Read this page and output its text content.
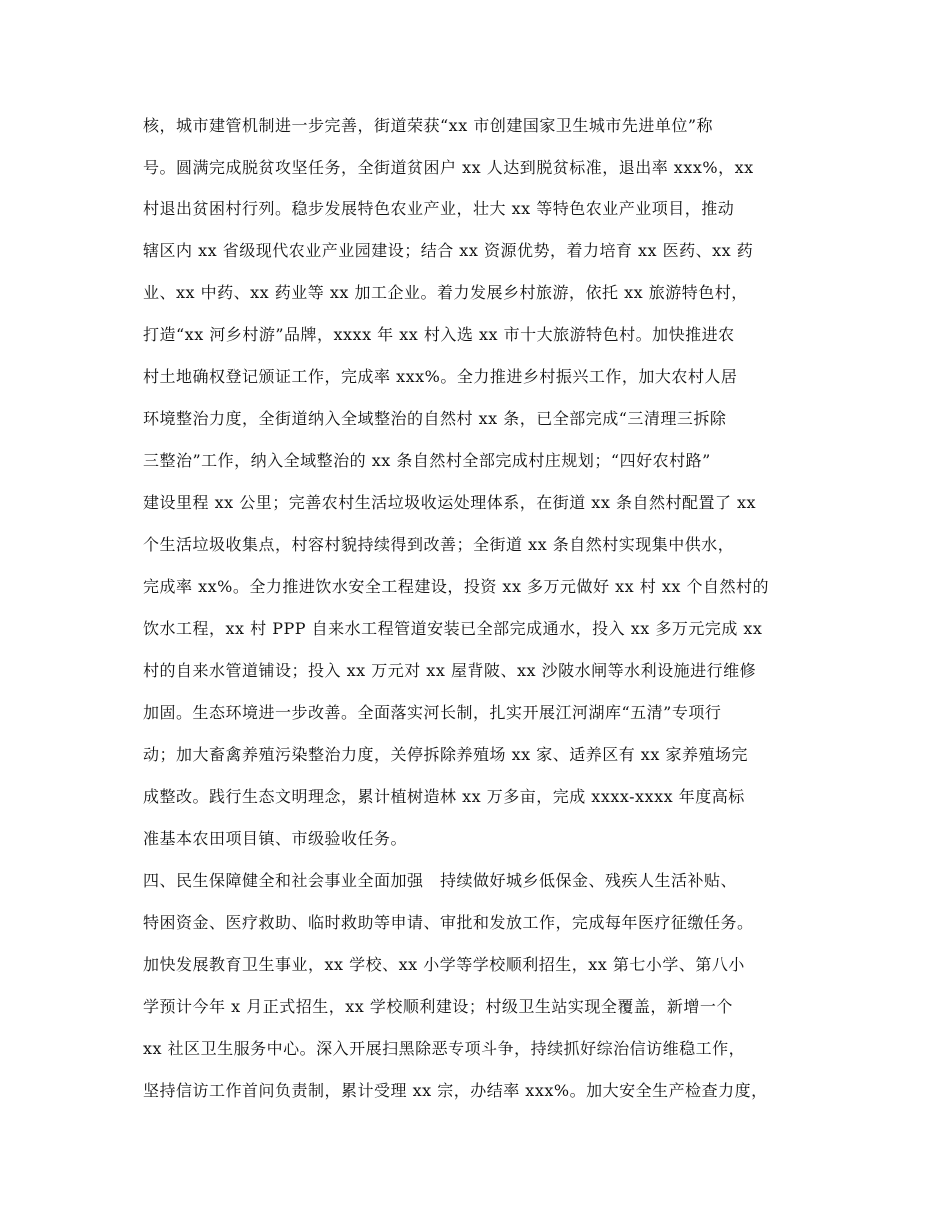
核，城市建管机制进一步完善，街道荣获“xx 市创建国家卫生城市先进单位”称
号。圆满完成脱贫攻坚任务，全街道贫困户 xx 人达到脱贫标准，退出率 xxx%，xx
村退出贫困村行列。稳步发展特色农业产业，壮大 xx 等特色农业产业项目，推动
辖区内 xx 省级现代农业产业园建设；结合 xx 资源优势，着力培育 xx 医药、xx 药
业、xx 中药、xx 药业等 xx 加工企业。着力发展乡村旅游，依托 xx 旅游特色村，
打造“xx 河乡村游”品牌，xxxx 年 xx 村入选 xx 市十大旅游特色村。加快推进农
村土地确权登记颁证工作，完成率 xxx%。全力推进乡村振兴工作，加大农村人居
环境整治力度，全街道纳入全域整治的自然村 xx 条，已全部完成“三清理三拆除
三整治”工作，纳入全域整治的 xx 条自然村全部完成村庄规划；“四好农村路”
建设里程 xx 公里；完善农村生活垃圾收运处理体系，在街道 xx 条自然村配置了 xx
个生活垃圾收集点，村容村貌持续得到改善；全街道 xx 条自然村实现集中供水，
完成率 xx%。全力推进饮水安全工程建设，投资 xx 多万元做好 xx 村 xx 个自然村的
饮水工程，xx 村 PPP 自来水工程管道安装已全部完成通水，投入 xx 多万元完成 xx
村的自来水管道铺设；投入 xx 万元对 xx 屋背陂、xx 沙陂水闸等水利设施进行维修
加固。生态环境进一步改善。全面落实河长制，扎实开展江河湖库“五清”专项行
动；加大畜禽养殖污染整治力度，关停拆除养殖场 xx 家、适养区有 xx 家养殖场完
成整改。践行生态文明理念，累计植树造林 xx 万多亩，完成 xxxx-xxxx 年度高标
准基本农田项目镇、市级验收任务。
四、民生保障健全和社会事业全面加强　持续做好城乡低保金、残疾人生活补贴、
特困资金、医疗救助、临时救助等申请、审批和发放工作，完成每年医疗征缴任务。
加快发展教育卫生事业，xx 学校、xx 小学等学校顺利招生，xx 第七小学、第八小
学预计今年 x 月正式招生，xx 学校顺利建设；村级卫生站实现全覆盖，新增一个
xx 社区卫生服务中心。深入开展扫黑除恶专项斗争，持续抓好综治信访维稳工作，
坚持信访工作首问负责制，累计受理 xx 宗，办结率 xxx%。加大安全生产检查力度，
